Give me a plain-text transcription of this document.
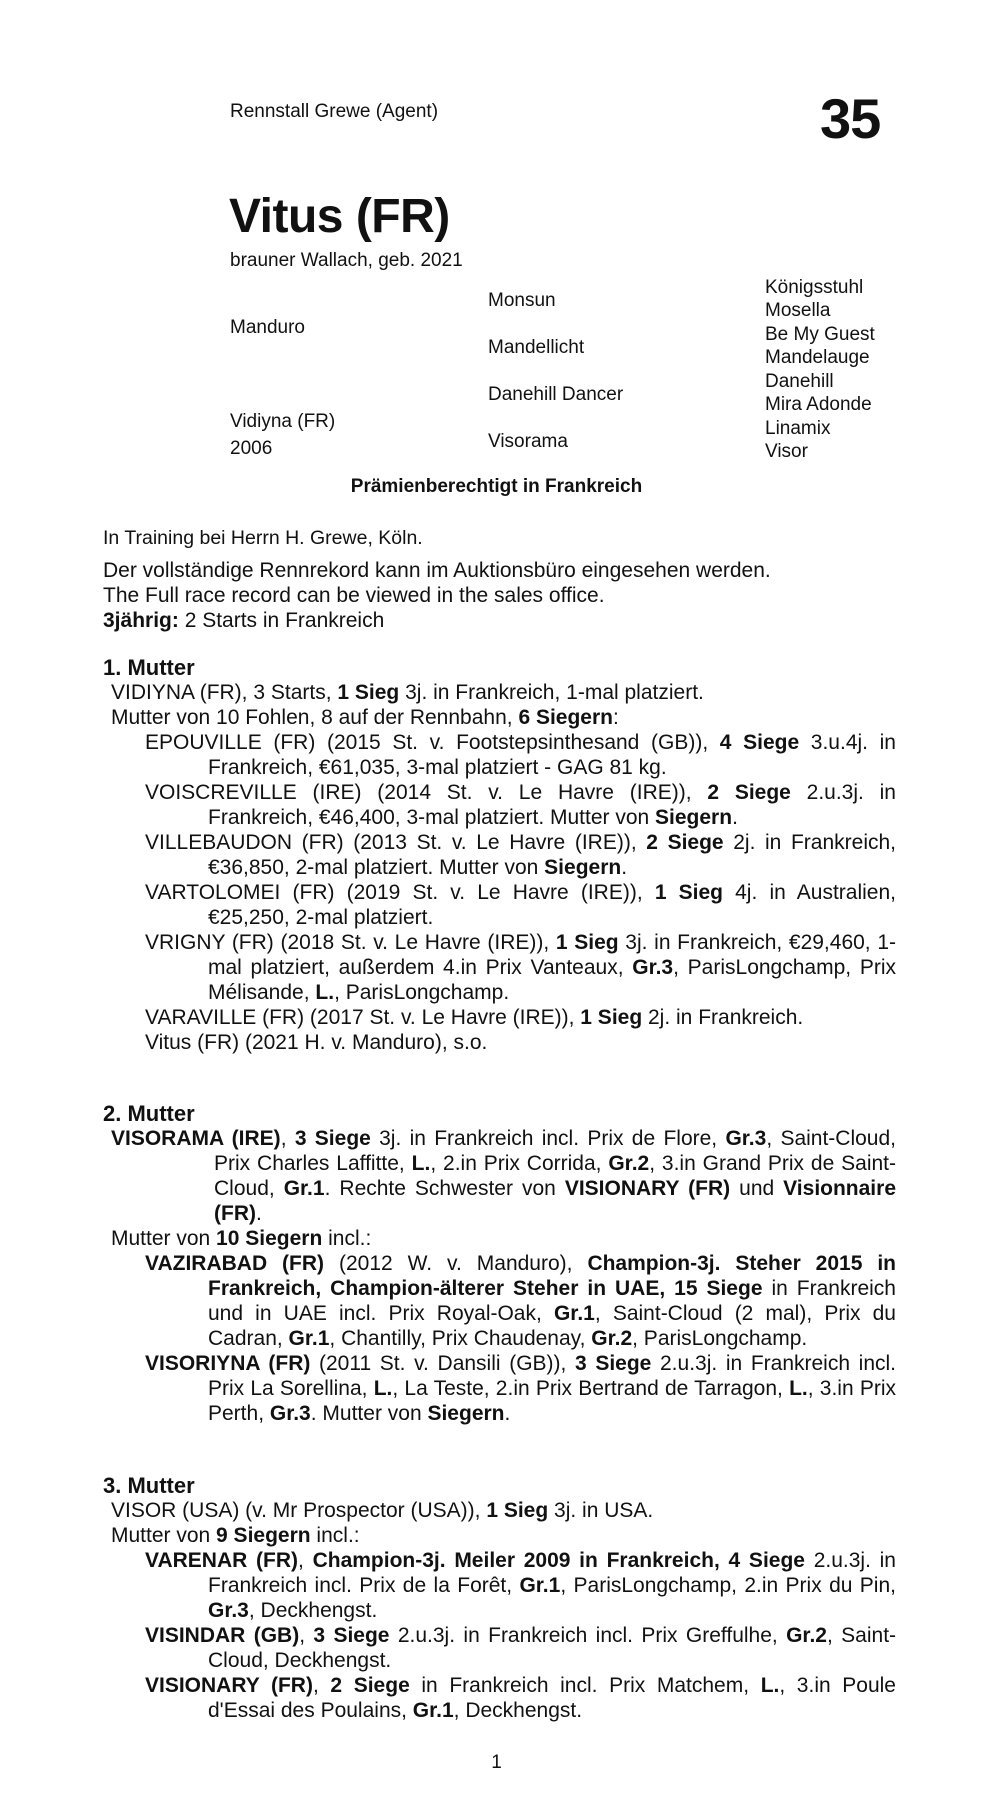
Rennstall Grewe (Agent)	35
Vitus (FR)
brauner Wallach, geb. 2021
Manduro
Vidiyna (FR)
2006
Monsun
Mandellicht
Danehill Dancer
Visorama
Königsstuhl
Mosella
Be My Guest
Mandelauge
Danehill
Mira Adonde
Linamix
Visor
Prämienberechtigt in Frankreich
In Training bei Herrn H. Grewe, Köln.

Der vollständige Rennrekord kann im Auktionsbüro eingesehen werden.

The Full race record can be viewed in the sales office.

3jährig: 2 Starts in Frankreich

1. Mutter

VIDIYNA (FR), 3 Starts, 1 Sieg 3j. in Frankreich, 1-mal platziert.

Mutter von 10 Fohlen, 8 auf der Rennbahn, 6 Siegern:

EPOUVILLE (FR) (2015 St. v. Footstepsinthesand (GB)), 4 Siege 3.u.4j. in Frankreich, €61,035, 3-mal platziert - GAG 81 kg.

VOISCREVILLE (IRE) (2014 St. v. Le Havre (IRE)), 2 Siege 2.u.3j. in Frankreich, €46,400, 3-mal platziert. Mutter von Siegern.

VILLEBAUDON (FR) (2013 St. v. Le Havre (IRE)), 2 Siege 2j. in Frankreich, €36,850, 2-mal platziert. Mutter von Siegern.

VARTOLOMEI (FR) (2019 St. v. Le Havre (IRE)), 1 Sieg 4j. in Australien, €25,250, 2-mal platziert.

VRIGNY (FR) (2018 St. v. Le Havre (IRE)), 1 Sieg 3j. in Frankreich, €29,460, 1-mal platziert, außerdem 4.in Prix Vanteaux, Gr.3, ParisLongchamp, Prix Mélisande, L., ParisLongchamp.

VARAVILLE (FR) (2017 St. v. Le Havre (IRE)), 1 Sieg 2j. in Frankreich.

Vitus (FR) (2021 H. v. Manduro), s.o.

2. Mutter

VISORAMA (IRE), 3 Siege 3j. in Frankreich incl. Prix de Flore, Gr.3, Saint-Cloud, Prix Charles Laffitte, L., 2.in Prix Corrida, Gr.2, 3.in Grand Prix de Saint-Cloud, Gr.1. Rechte Schwester von VISIONARY (FR) und Visionnaire (FR).

Mutter von 10 Siegern incl.:

VAZIRABAD (FR) (2012 W. v. Manduro), Champion-3j. Steher 2015 in Frankreich, Champion-älterer Steher in UAE, 15 Siege in Frankreich und in UAE incl. Prix Royal-Oak, Gr.1, Saint-Cloud (2 mal), Prix du Cadran, Gr.1, Chantilly, Prix Chaudenay, Gr.2, ParisLongchamp.

VISORIYNA (FR) (2011 St. v. Dansili (GB)), 3 Siege 2.u.3j. in Frankreich incl. Prix La Sorellina, L., La Teste, 2.in Prix Bertrand de Tarragon, L., 3.in Prix Perth, Gr.3. Mutter von Siegern.

3. Mutter

VISOR (USA) (v. Mr Prospector (USA)), 1 Sieg 3j. in USA.

Mutter von 9 Siegern incl.:

VARENAR (FR), Champion-3j. Meiler 2009 in Frankreich, 4 Siege 2.u.3j. in Frankreich incl. Prix de la Forêt, Gr.1, ParisLongchamp, 2.in Prix du Pin, Gr.3, Deckhengst.

VISINDAR (GB), 3 Siege 2.u.3j. in Frankreich incl. Prix Greffulhe, Gr.2, Saint-Cloud, Deckhengst.

VISIONARY (FR), 2 Siege in Frankreich incl. Prix Matchem, L., 3.in Poule d'Essai des Poulains, Gr.1, Deckhengst.

1
